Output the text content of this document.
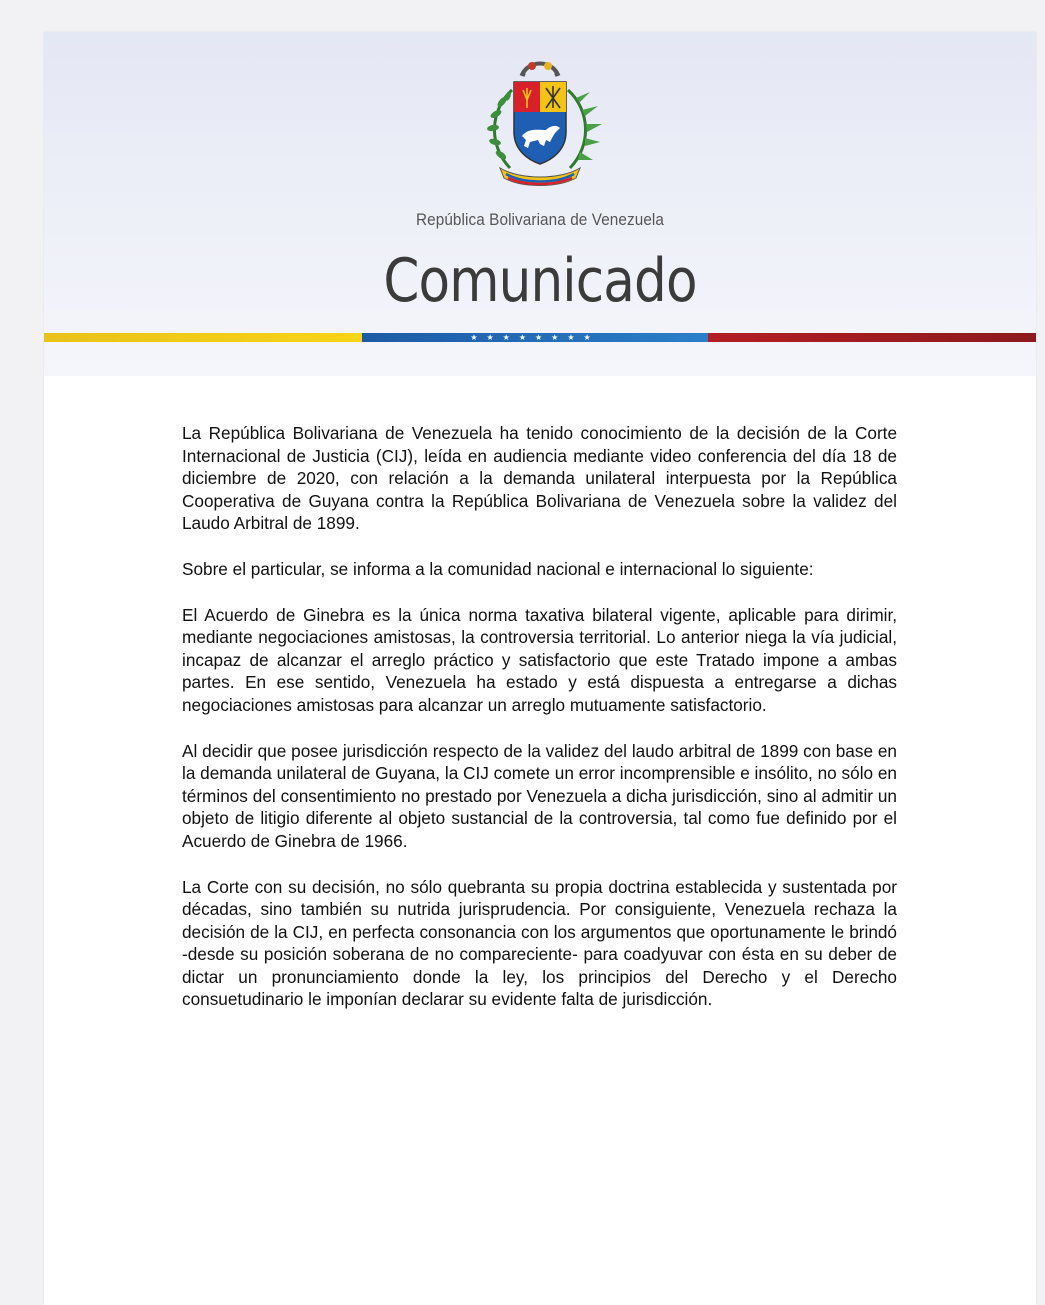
República Bolivariana de Venezuela
Comunicado
★★★★★★★★

La República Bolivariana de Venezuela ha tenido conocimiento de la decisión de la Corte Internacional de Justicia (CIJ), leída en audiencia mediante video conferencia del día 18 de diciembre de 2020, con relación a la demanda unilateral interpuesta por la República Cooperativa de Guyana contra la República Bolivariana de Venezuela sobre la validez del Laudo Arbitral de 1899.

Sobre el particular, se informa a la comunidad nacional e internacional lo siguiente:

El Acuerdo de Ginebra es la única norma taxativa bilateral vigente, aplicable para dirimir, mediante negociaciones amistosas, la controversia territorial. Lo anterior niega la vía judicial, incapaz de alcanzar el arreglo práctico y satisfactorio que este Tratado impone a ambas partes. En ese sentido, Venezuela ha estado y está dispuesta a entregarse a dichas negociaciones amistosas para alcanzar un arreglo mutuamente satisfactorio.

Al decidir que posee jurisdicción respecto de la validez del laudo arbitral de 1899 con base en la demanda unilateral de Guyana, la CIJ comete un error incomprensible e insólito, no sólo en términos del consentimiento no prestado por Venezuela a dicha jurisdicción, sino al admitir un objeto de litigio diferente al objeto sustancial de la controversia, tal como fue definido por el Acuerdo de Ginebra de 1966.

La Corte con su decisión, no sólo quebranta su propia doctrina establecida y sustentada por décadas, sino también su nutrida jurisprudencia. Por consiguiente, Venezuela rechaza la decisión de la CIJ, en perfecta consonancia con los argumentos que oportunamente le brindó -desde su posición soberana de no compareciente- para coadyuvar con ésta en su deber de dictar un pronunciamiento donde la ley, los principios del Derecho y el Derecho consuetudinario le imponían declarar su evidente falta de jurisdicción.
